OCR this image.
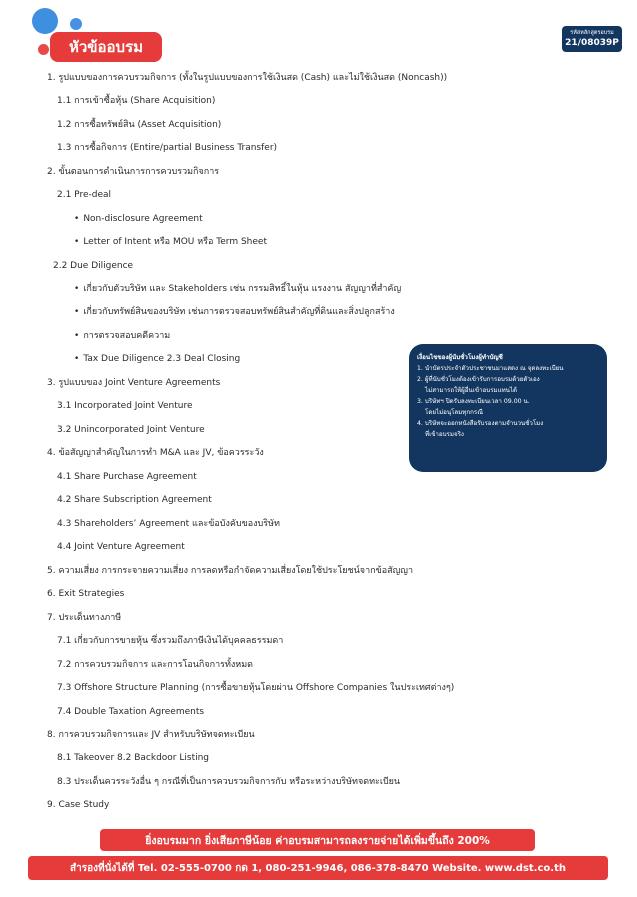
หัวข้ออบรม
รหัสหลักสูตรอบรม
21/08039P
1. รูปแบบของการควบรวมกิจการ (ทั้งในรูปแบบของการใช้เงินสด (Cash) และไม่ใช้เงินสด (Noncash))
1.1 การเข้าซื้อหุ้น (Share Acquisition)
1.2 การซื้อทรัพย์สิน (Asset Acquisition)
1.3 การซื้อกิจการ (Entire/partial Business Transfer)
2. ขั้นตอนการดำเนินการการควบรวมกิจการ
2.1 Pre-deal
• Non-disclosure Agreement
• Letter of Intent หรือ MOU หรือ Term Sheet
2.2 Due Diligence
• เกี่ยวกับตัวบริษัท และ Stakeholders เช่น กรรมสิทธิ์ในหุ้น แรงงาน สัญญาที่สำคัญ
• เกี่ยวกับทรัพย์สินของบริษัท เช่นการตรวจสอบทรัพย์สินสำคัญที่ดินและสิ่งปลูกสร้าง
• การตรวจสอบคดีความ
• Tax Due Diligence 2.3 Deal Closing
3. รูปแบบของ Joint Venture Agreements
3.1 Incorporated Joint Venture
3.2 Unincorporated Joint Venture
4. ข้อสัญญาสำคัญในการทำ M&A และ JV, ข้อควรระวัง
4.1 Share Purchase Agreement
4.2 Share Subscription Agreement
4.3 Shareholders’ Agreement และข้อบังคับของบริษัท
4.4 Joint Venture Agreement
5. ความเสี่ยง การกระจายความเสี่ยง การลดหรือกำจัดความเสี่ยงโดยใช้ประโยชน์จากข้อสัญญา
6. Exit Strategies
7. ประเด็นทางภาษี
7.1 เกี่ยวกับการขายหุ้น ซึ่งรวมถึงภาษีเงินได้บุคคลธรรมดา
7.2 การควบรวมกิจการ และการโอนกิจการทั้งหมด
7.3 Offshore Structure Planning (การซื้อขายหุ้นโดยผ่าน Offshore Companies ในประเทศต่างๆ)
7.4 Double Taxation Agreements
8. การควบรวมกิจการและ JV สำหรับบริษัทจดทะเบียน
8.1 Takeover 8.2 Backdoor Listing
8.3 ประเด็นควรระวังอื่น ๆ กรณีที่เป็นการควบรวมกิจการกับ หรือระหว่างบริษัทจดทะเบียน
9. Case Study
เงื่อนไขของผู้นับชั่วโมงผู้ทำบัญชี
1. นำบัตรประจำตัวประชาชนมาแสดง ณ จุดลงทะเบียน
2. ผู้ที่นับชั่วโมงต้องเข้ารับการอบรมด้วยตัวเอง
ไม่สามารถให้ผู้อื่นเข้าอบรมแทนได้
3. บริษัทฯ ปิดรับลงทะเบียนเวลา 09.00 น.
โดยไม่อนุโลมทุกกรณี
4. บริษัทจะออกหนังสือรับรองตามจำนวนชั่วโมง
ที่เข้าอบรมจริง
ยิ่งอบรมมาก ยิ่งเสียภาษีน้อย ค่าอบรมสามารถลงรายจ่ายได้เพิ่มขึ้นถึง 200%
สำรองที่นั่งได้ที่ Tel. 02-555-0700 กด 1, 080-251-9946, 086-378-8470 Website. www.dst.co.th
